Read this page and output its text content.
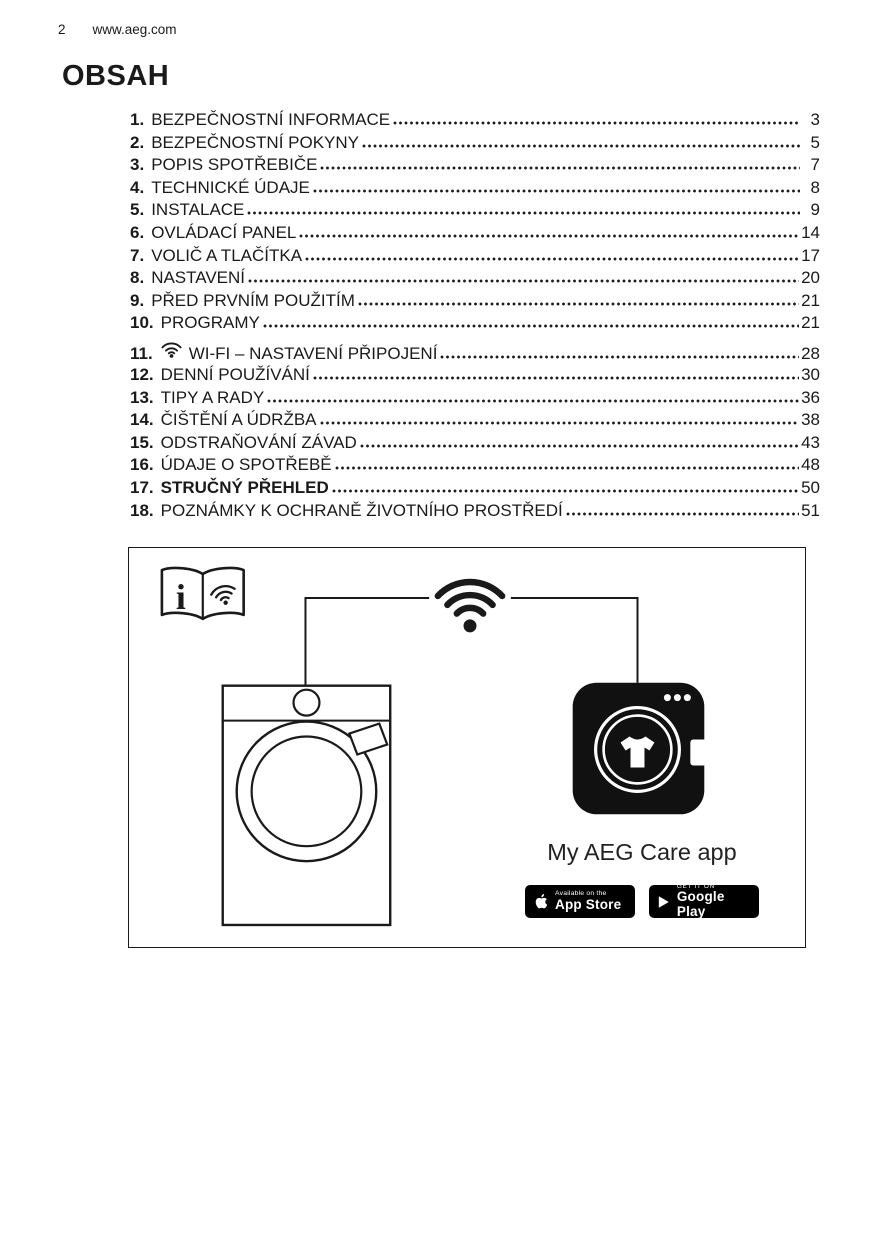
2 www.aeg.com
OBSAH
1. BEZPEČNOSTNÍ INFORMACE	3
2. BEZPEČNOSTNÍ POKYNY	5
3. POPIS SPOTŘEBIČE	7
4. TECHNICKÉ ÚDAJE	8
5. INSTALACE	9
6. OVLÁDACÍ PANEL	14
7. VOLIČ A TLAČÍTKA	17
8. NASTAVENÍ	20
9. PŘED PRVNÍM POUŽITÍM	21
10. PROGRAMY	21
11. WI-FI – NASTAVENÍ PŘIPOJENÍ	28
12. DENNÍ POUŽÍVÁNÍ	30
13. TIPY A RADY	36
14. ČIŠTĚNÍ A ÚDRŽBA	38
15. ODSTRAŇOVÁNÍ ZÁVAD	43
16. ÚDAJE O SPOTŘEBĚ	48
17. STRUČNÝ PŘEHLED	50
18. POZNÁMKY K OCHRANĚ ŽIVOTNÍHO PROSTŘEDÍ	51
i
My AEG Care app
Available on the
App Store
GET IT ON
Google Play
